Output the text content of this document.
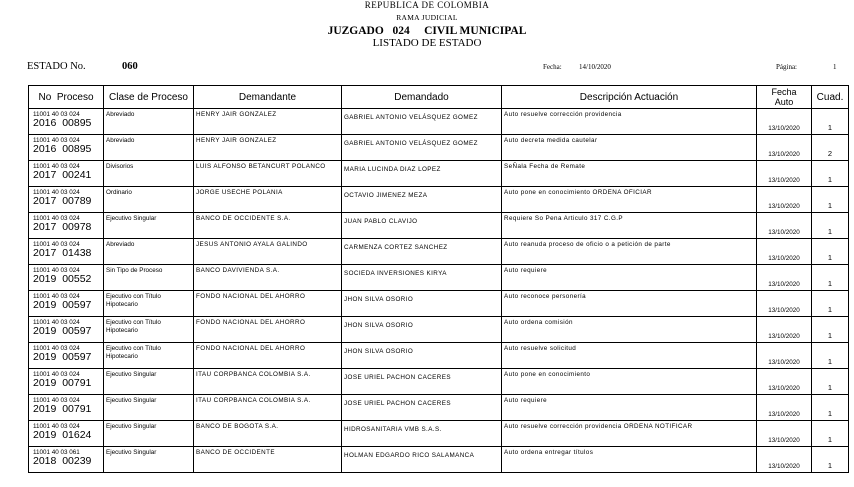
REPUBLICA DE COLOMBIA
RAMA JUDICIAL
JUZGADO 024 CIVIL MUNICIPAL
LISTADO DE ESTADO
ESTADO No.	060	Fecha: 14/10/2020	Página:	1
No Proceso	Clase de Proceso	Demandante	Demandado	Descripción Actuación	Fecha
Auto	Cuad.

11001 40 03 024
2016 00895	Abreviado	HENRY JAIR GONZALEZ	GABRIEL ANTONIO VELÁSQUEZ GOMEZ	Auto resuelve corrección providencia	13/10/2020	1

11001 40 03 024
2016 00895	Abreviado	HENRY JAIR GONZALEZ	GABRIEL ANTONIO VELÁSQUEZ GOMEZ	Auto decreta medida cautelar	13/10/2020	2

11001 40 03 024
2017 00241	Divisorios	LUIS ALFONSO BETANCURT POLANCO	MARIA LUCINDA DIAZ LOPEZ	SeÑala Fecha de Remate	13/10/2020	1

11001 40 03 024
2017 00789	Ordinario	JORGE USECHE POLANIA	OCTAVIO JIMENEZ MEZA	Auto pone en conocimiento ORDENA OFICIAR	13/10/2020	1

11001 40 03 024
2017 00978	Ejecutivo Singular	BANCO DE OCCIDENTE S.A.	JUAN PABLO CLAVIJO	Requiere So Pena Articulo 317 C.G.P	13/10/2020	1

11001 40 03 024
2017 01438	Abreviado	JESUS ANTONIO AYALA GALINDO	CARMENZA CORTEZ SANCHEZ	Auto reanuda proceso de oficio o a petición de parte	13/10/2020	1

11001 40 03 024
2019 00552	Sin Tipo de Proceso	BANCO DAVIVIENDA S.A.	SOCIEDA INVERSIONES KIRYA	Auto requiere	13/10/2020	1

11001 40 03 024
2019 00597	Ejecutivo con Título Hipotecario	FONDO NACIONAL DEL AHORRO	JHON SILVA OSORIO	Auto reconoce personería	13/10/2020	1

11001 40 03 024
2019 00597	Ejecutivo con Título Hipotecario	FONDO NACIONAL DEL AHORRO	JHON SILVA OSORIO	Auto ordena comisión	13/10/2020	1

11001 40 03 024
2019 00597	Ejecutivo con Título Hipotecario	FONDO NACIONAL DEL AHORRO	JHON SILVA OSORIO	Auto resuelve solicitud	13/10/2020	1

11001 40 03 024
2019 00791	Ejecutivo Singular	ITAU CORPBANCA COLOMBIA S.A.	JOSE URIEL PACHON CACERES	Auto pone en conocimiento	13/10/2020	1

11001 40 03 024
2019 00791	Ejecutivo Singular	ITAU CORPBANCA COLOMBIA S.A.	JOSE URIEL PACHON CACERES	Auto requiere	13/10/2020	1

11001 40 03 024
2019 01624	Ejecutivo Singular	BANCO DE BOGOTA S.A.	HIDROSANITARIA VMB S.A.S.	Auto resuelve corrección providencia ORDENA NOTIFICAR	13/10/2020	1

11001 40 03 061
2018 00239	Ejecutivo Singular	BANCO DE OCCIDENTE	HOLMAN EDGARDO RICO SALAMANCA	Auto ordena entregar títulos	13/10/2020	1
